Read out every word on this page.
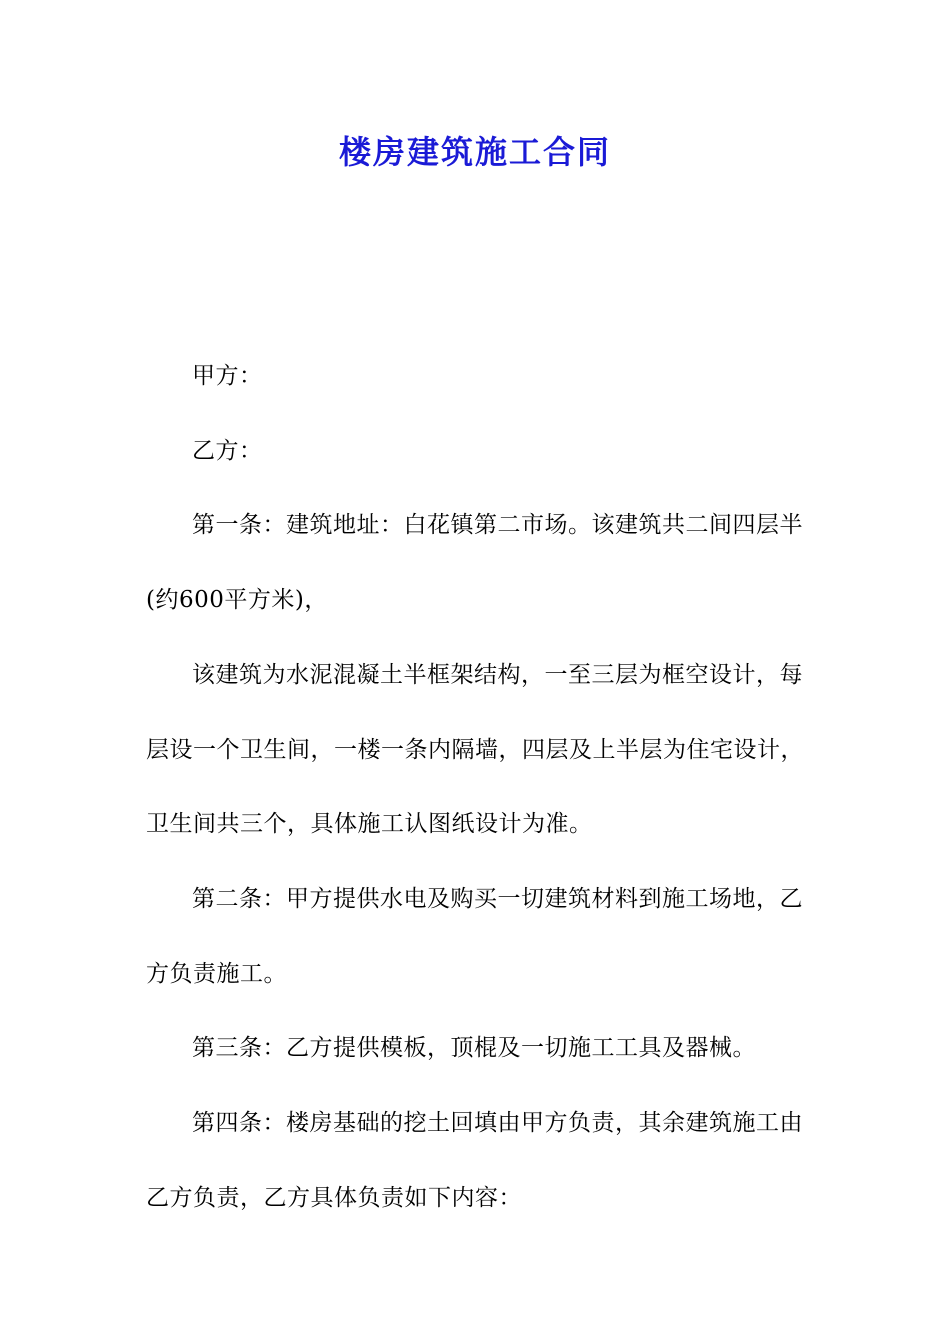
楼房建筑施工合同

甲方：

乙方：

第一条：建筑地址：白花镇第二市场。该建筑共二间四层半(约600平方米)，

该建筑为水泥混凝土半框架结构，一至三层为框空设计，每层设一个卫生间，一楼一条内隔墙，四层及上半层为住宅设计，卫生间共三个，具体施工认图纸设计为准。

第二条：甲方提供水电及购买一切建筑材料到施工场地，乙方负责施工。

第三条：乙方提供模板，顶棍及一切施工工具及器械。

第四条：楼房基础的挖土回填由甲方负责，其余建筑施工由乙方负责，乙方具体负责如下内容：
